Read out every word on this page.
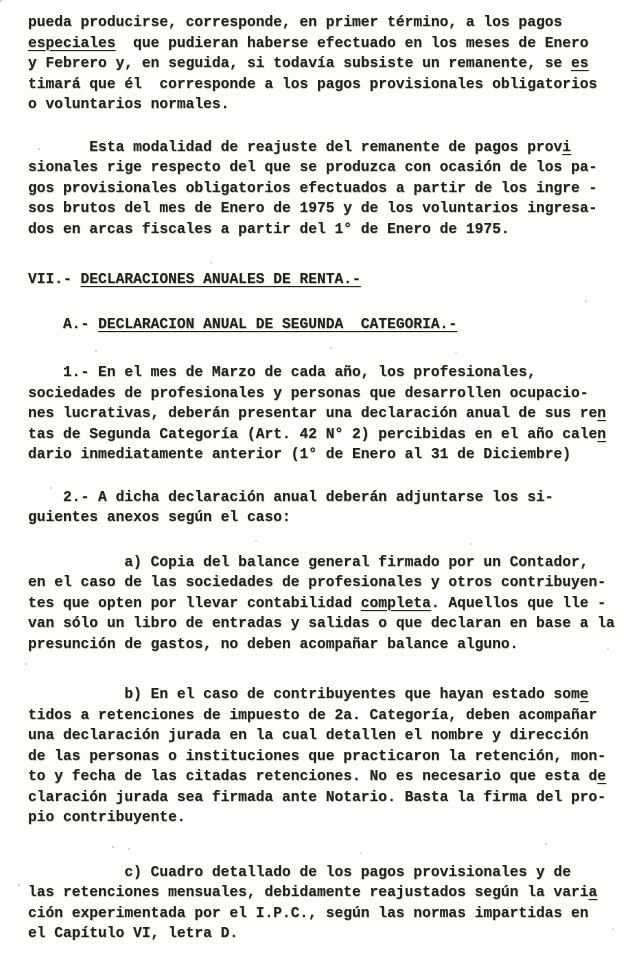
pueda producirse, corresponde, en primer término, a los pagos
especiales  que pudieran haberse efectuado en los meses de Enero
y Febrero y, en seguida, si todavía subsiste un remanente, se es
timará que él  corresponde a los pagos provisionales obligatorios
o voluntarios normales.
Esta modalidad de reajuste del remanente de pagos provi
sionales rige respecto del que se produzca con ocasión de los pa-
gos provisionales obligatorios efectuados a partir de los ingre -
sos brutos del mes de Enero de 1975 y de los voluntarios ingresa-
dos en arcas fiscales a partir del 1° de Enero de 1975.
VII.- DECLARACIONES ANUALES DE RENTA.-
A.- DECLARACION ANUAL DE SEGUNDA  CATEGORIA.-
1.- En el mes de Marzo de cada año, los profesionales,
sociedades de profesionales y personas que desarrollen ocupacio-
nes lucrativas, deberán presentar una declaración anual de sus ren
tas de Segunda Categoría (Art. 42 N° 2) percibidas en el año calen
dario inmediatamente anterior (1° de Enero al 31 de Diciembre)
2.- A dicha declaración anual deberán adjuntarse los si-
guientes anexos según el caso:
a) Copia del balance general firmado por un Contador,
en el caso de las sociedades de profesionales y otros contribuyen-
tes que opten por llevar contabilidad completa. Aquellos que lle -
van sólo un libro de entradas y salidas o que declaran en base a la
presunción de gastos, no deben acompañar balance alguno.
b) En el caso de contribuyentes que hayan estado some
tidos a retenciones de impuesto de 2a. Categoría, deben acompañar
una declaración jurada en la cual detallen el nombre y dirección
de las personas o instituciones que practicaron la retención, mon-
to y fecha de las citadas retenciones. No es necesario que esta de
claración jurada sea firmada ante Notario. Basta la firma del pro-
pio contribuyente.
c) Cuadro detallado de los pagos provisionales y de
las retenciones mensuales, debidamente reajustados según la varia
ción experimentada por el I.P.C., según las normas impartidas en
el Capítulo VI, letra D.
